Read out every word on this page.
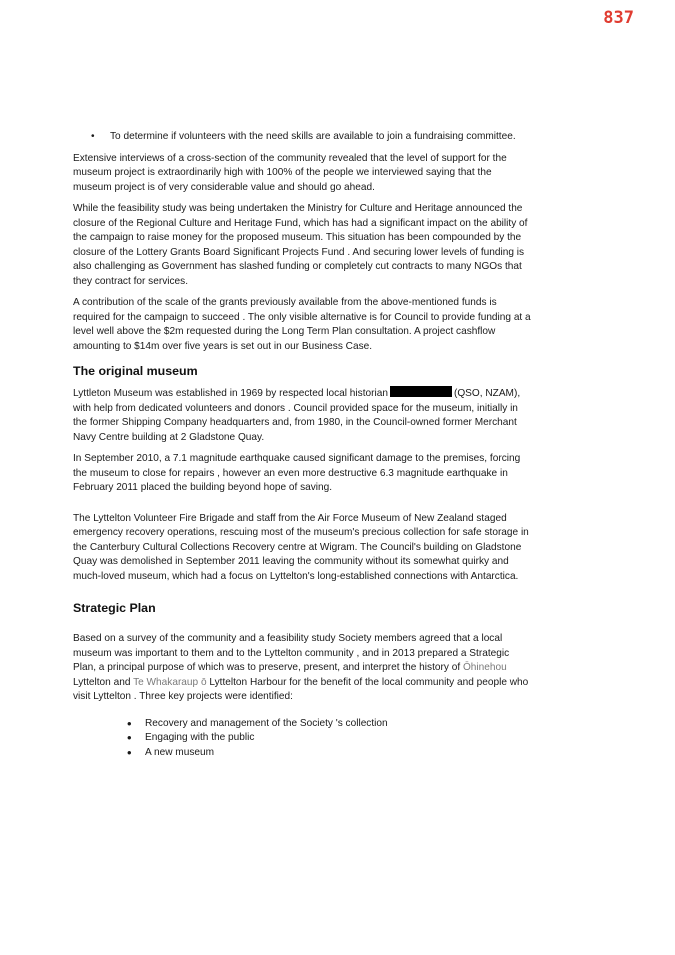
837
• To determine if volunteers with the need skills are available to join a fundraising committee.

Extensive interviews of a cross-section of the community revealed that the level of support for the museum project is extraordinarily high with 100% of the people we interviewed saying that the museum project is of very considerable value and should go ahead.

While the feasibility study was being undertaken the Ministry for Culture and Heritage announced the closure of the Regional Culture and Heritage Fund, which has had a significant impact on the ability of the campaign to raise money for the proposed museum. This situation has been compounded by the closure of the Lottery Grants Board Significant Projects Fund . And securing lower levels of funding is also challenging as Government has slashed funding or completely cut contracts to many NGOs that they contract for services.

A contribution of the scale of the grants previously available from the above-mentioned funds is required for the campaign to succeed . The only visible alternative is for Council to provide funding at a level well above the $2m requested during the Long Term Plan consultation. A project cashflow amounting to $14m over five years is set out in our Business Case.

The original museum

Lyttleton Museum was established in 1969 by respected local historian	(QSO, NZAM), with help from dedicated volunteers and donors . Council provided space for the museum, initially in the former Shipping Company headquarters and, from 1980, in the Council-owned former Merchant Navy Centre building at 2 Gladstone Quay.

In September 2010, a 7.1 magnitude earthquake caused significant damage to the premises, forcing the museum to close for repairs , however an even more destructive 6.3 magnitude earthquake in February 2011 placed the building beyond hope of saving.

The Lyttelton Volunteer Fire Brigade and staff from the Air Force Museum of New Zealand staged emergency recovery operations, rescuing most of the museum's precious collection for safe storage in the Canterbury Cultural Collections Recovery centre at Wigram. The Council's building on Gladstone Quay was demolished in September 2011 leaving the community without its somewhat quirky and much-loved museum, which had a focus on Lyttelton's long-established connections with Antarctica.

Strategic Plan

Based on a survey of the community and a feasibility study Society members agreed that a local museum was important to them and to the Lyttelton community , and in 2013 prepared a Strategic Plan, a principal purpose of which was to preserve, present, and interpret the history of Ōhinehou Lyttelton and Te Whakaraup ō Lyttelton Harbour for the benefit of the local community and people who visit Lyttelton . Three key projects were identified:

• Recovery and management of the Society 's collection
• Engaging with the public
• A new museum
